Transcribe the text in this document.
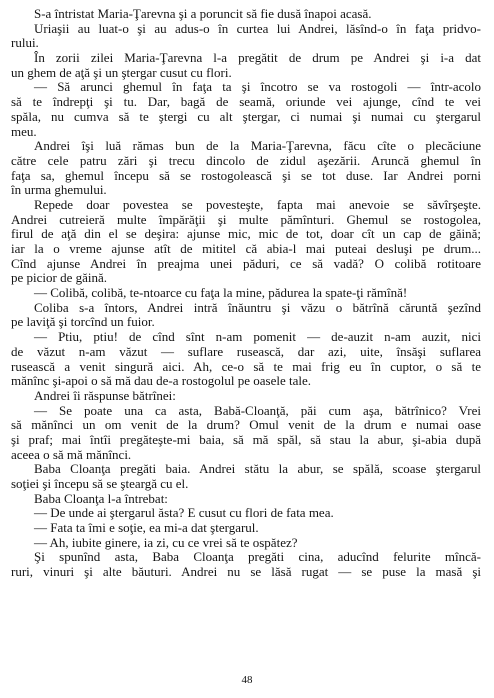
S-a întristat Maria-Ţarevna şi a poruncit să fie dusă înapoi acasă.
Uriaşii au luat-o şi au adus-o în curtea lui Andrei, lăsînd-o în faţa pridvo-
rului.
În zorii zilei Maria-Ţarevna l-a pregătit de drum pe Andrei şi i-a dat
un ghem de aţă şi un ştergar cusut cu flori.
— Să arunci ghemul în faţa ta şi încotro se va rostogoli — într-acolo
să te îndrepţi şi tu. Dar, bagă de seamă, oriunde vei ajunge, cînd te vei
spăla, nu cumva să te ştergi cu alt ştergar, ci numai şi numai cu ştergarul
meu.
Andrei îşi luă rămas bun de la Maria-Ţarevna, făcu cîte o plecăciune
către cele patru zări şi trecu dincolo de zidul aşezării. Aruncă ghemul în
faţa sa, ghemul începu să se rostogolească şi se tot duse. Iar Andrei porni
în urma ghemului.
Repede doar povestea se povesteşte, fapta mai anevoie se săvîrşeşte.
Andrei cutreieră multe împărăţii şi multe pămînturi. Ghemul se rostogolea,
firul de aţă din el se deşira: ajunse mic, mic de tot, doar cît un cap de găină;
iar la o vreme ajunse atît de mititel că abia-l mai puteai desluşi pe drum...
Cînd ajunse Andrei în preajma unei păduri, ce să vadă? O colibă rotitoare
pe picior de găină.
— Colibă, colibă, te-ntoarce cu faţa la mine, pădurea la spate-ţi rămînă!
Coliba s-a întors, Andrei intră înăuntru şi văzu o bătrînă căruntă şezînd
pe laviţă şi torcînd un fuior.
— Ptiu, ptiu! de cînd sînt n-am pomenit — de-auzit n-am auzit, nici
de văzut n-am văzut — suflare rusească, dar azi, uite, însăşi suflarea
rusească a venit singură aici. Ah, ce-o să te mai frig eu în cuptor, o să te
mănînc şi-apoi o să mă dau de-a rostogolul pe oasele tale.
Andrei îi răspunse bătrînei:
— Se poate una ca asta, Babă-Cloanţă, păi cum aşa, bătrînico? Vrei
să mănînci un om venit de la drum? Omul venit de la drum e numai oase
şi praf; mai întîi pregăteşte-mi baia, să mă spăl, să stau la abur, şi-abia după
aceea o să mă mănînci.
Baba Cloanţa pregăti baia. Andrei stătu la abur, se spălă, scoase ştergarul
soţiei şi începu să se şteargă cu el.
Baba Cloanţa l-a întrebat:
— De unde ai ştergarul ăsta? E cusut cu flori de fata mea.
— Fata ta îmi e soţie, ea mi-a dat ştergarul.
— Ah, iubite ginere, ia zi, cu ce vrei să te ospătez?
Şi spunînd asta, Baba Cloanţa pregăti cina, aducînd felurite mîncă-
ruri, vinuri şi alte băuturi. Andrei nu se lăsă rugat — se puse la masă şi
48
